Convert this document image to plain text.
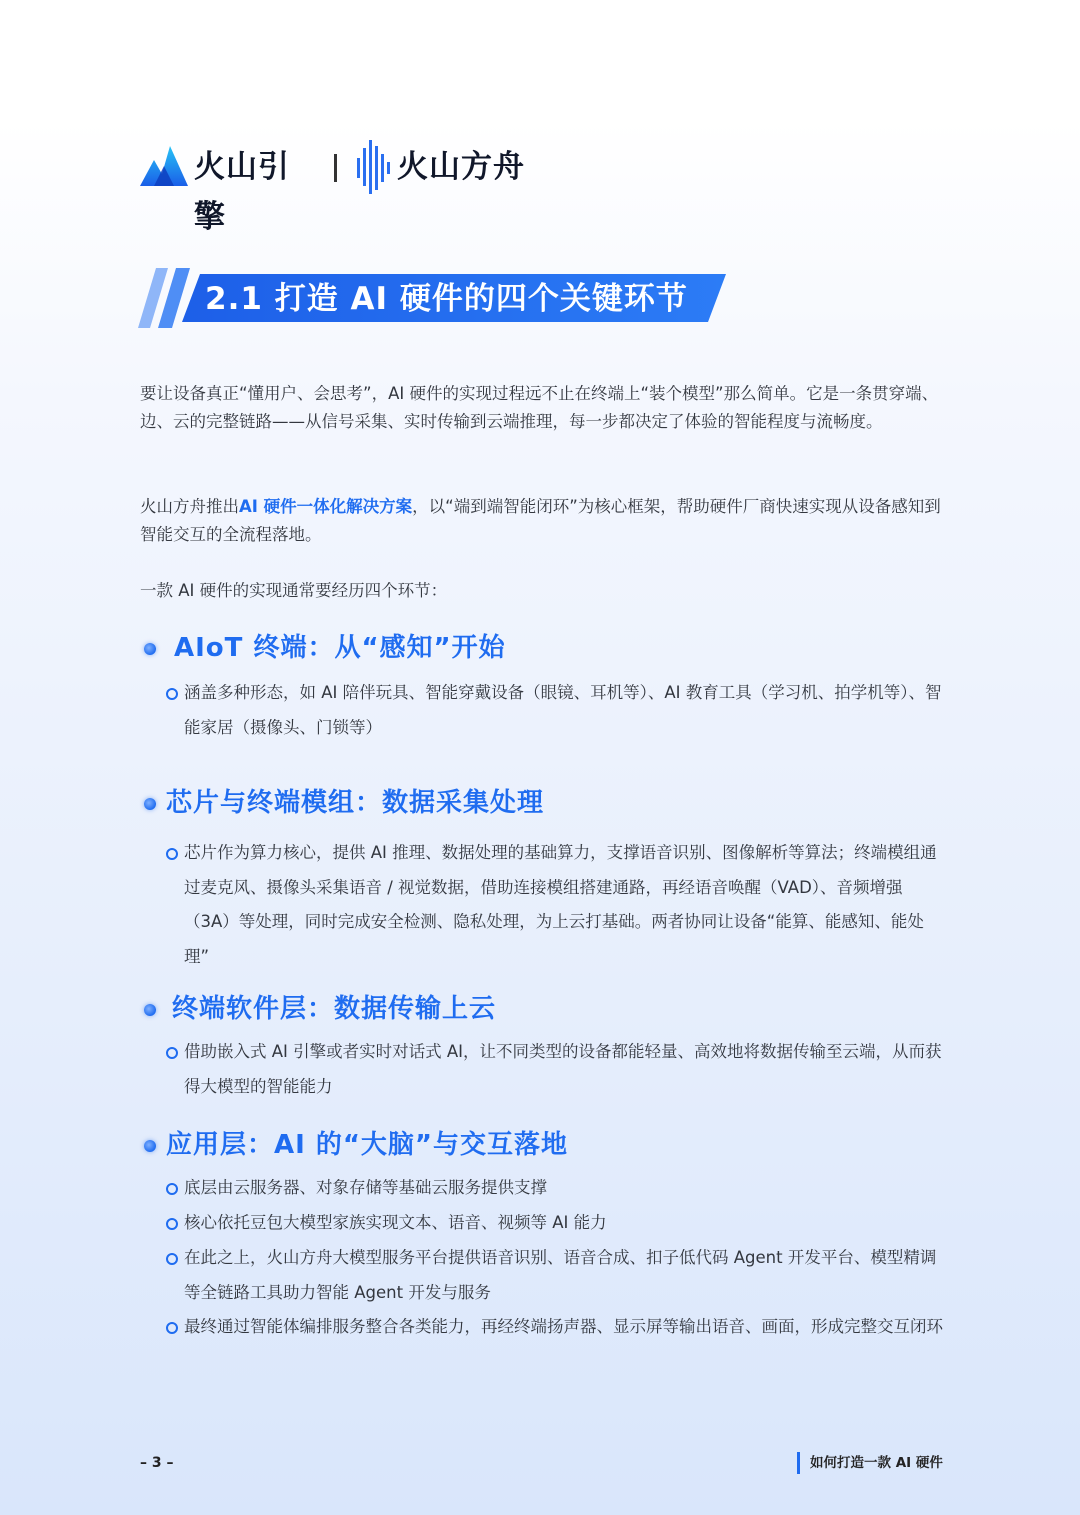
火山引擎
火山方舟
2.1 打造 AI 硬件的四个关键环节
要让设备真正“懂用户、会思考”，AI 硬件的实现过程远不止在终端上“装个模型”那么简单。它是一条贯穿端、边、云的完整链路——从信号采集、实时传输到云端推理，每一步都决定了体验的智能程度与流畅度。
火山方舟推出AI 硬件一体化解决方案，以“端到端智能闭环”为核心框架，帮助硬件厂商快速实现从设备感知到智能交互的全流程落地。
一款 AI 硬件的实现通常要经历四个环节：
AIoT 终端：从“感知”开始
涵盖多种形态，如 AI 陪伴玩具、智能穿戴设备（眼镜、耳机等）、AI 教育工具（学习机、拍学机等）、智能家居（摄像头、门锁等）
芯片与终端模组：数据采集处理
芯片作为算力核心，提供 AI 推理、数据处理的基础算力，支撑语音识别、图像解析等算法；终端模组通过麦克风、摄像头采集语音 / 视觉数据，借助连接模组搭建通路，再经语音唤醒（VAD）、音频增强（3A）等处理，同时完成安全检测、隐私处理，为上云打基础。两者协同让设备“能算、能感知、能处理”
终端软件层：数据传输上云
借助嵌入式 AI 引擎或者实时对话式 AI，让不同类型的设备都能轻量、高效地将数据传输至云端，从而获得大模型的智能能力
应用层：AI 的“大脑”与交互落地
底层由云服务器、对象存储等基础云服务提供支撑
核心依托豆包大模型家族实现文本、语音、视频等 AI 能力
在此之上，火山方舟大模型服务平台提供语音识别、语音合成、扣子低代码 Agent 开发平台、模型精调等全链路工具助力智能 Agent 开发与服务
最终通过智能体编排服务整合各类能力，再经终端扬声器、显示屏等输出语音、画面，形成完整交互闭环
– 3 –	如何打造一款 AI 硬件
